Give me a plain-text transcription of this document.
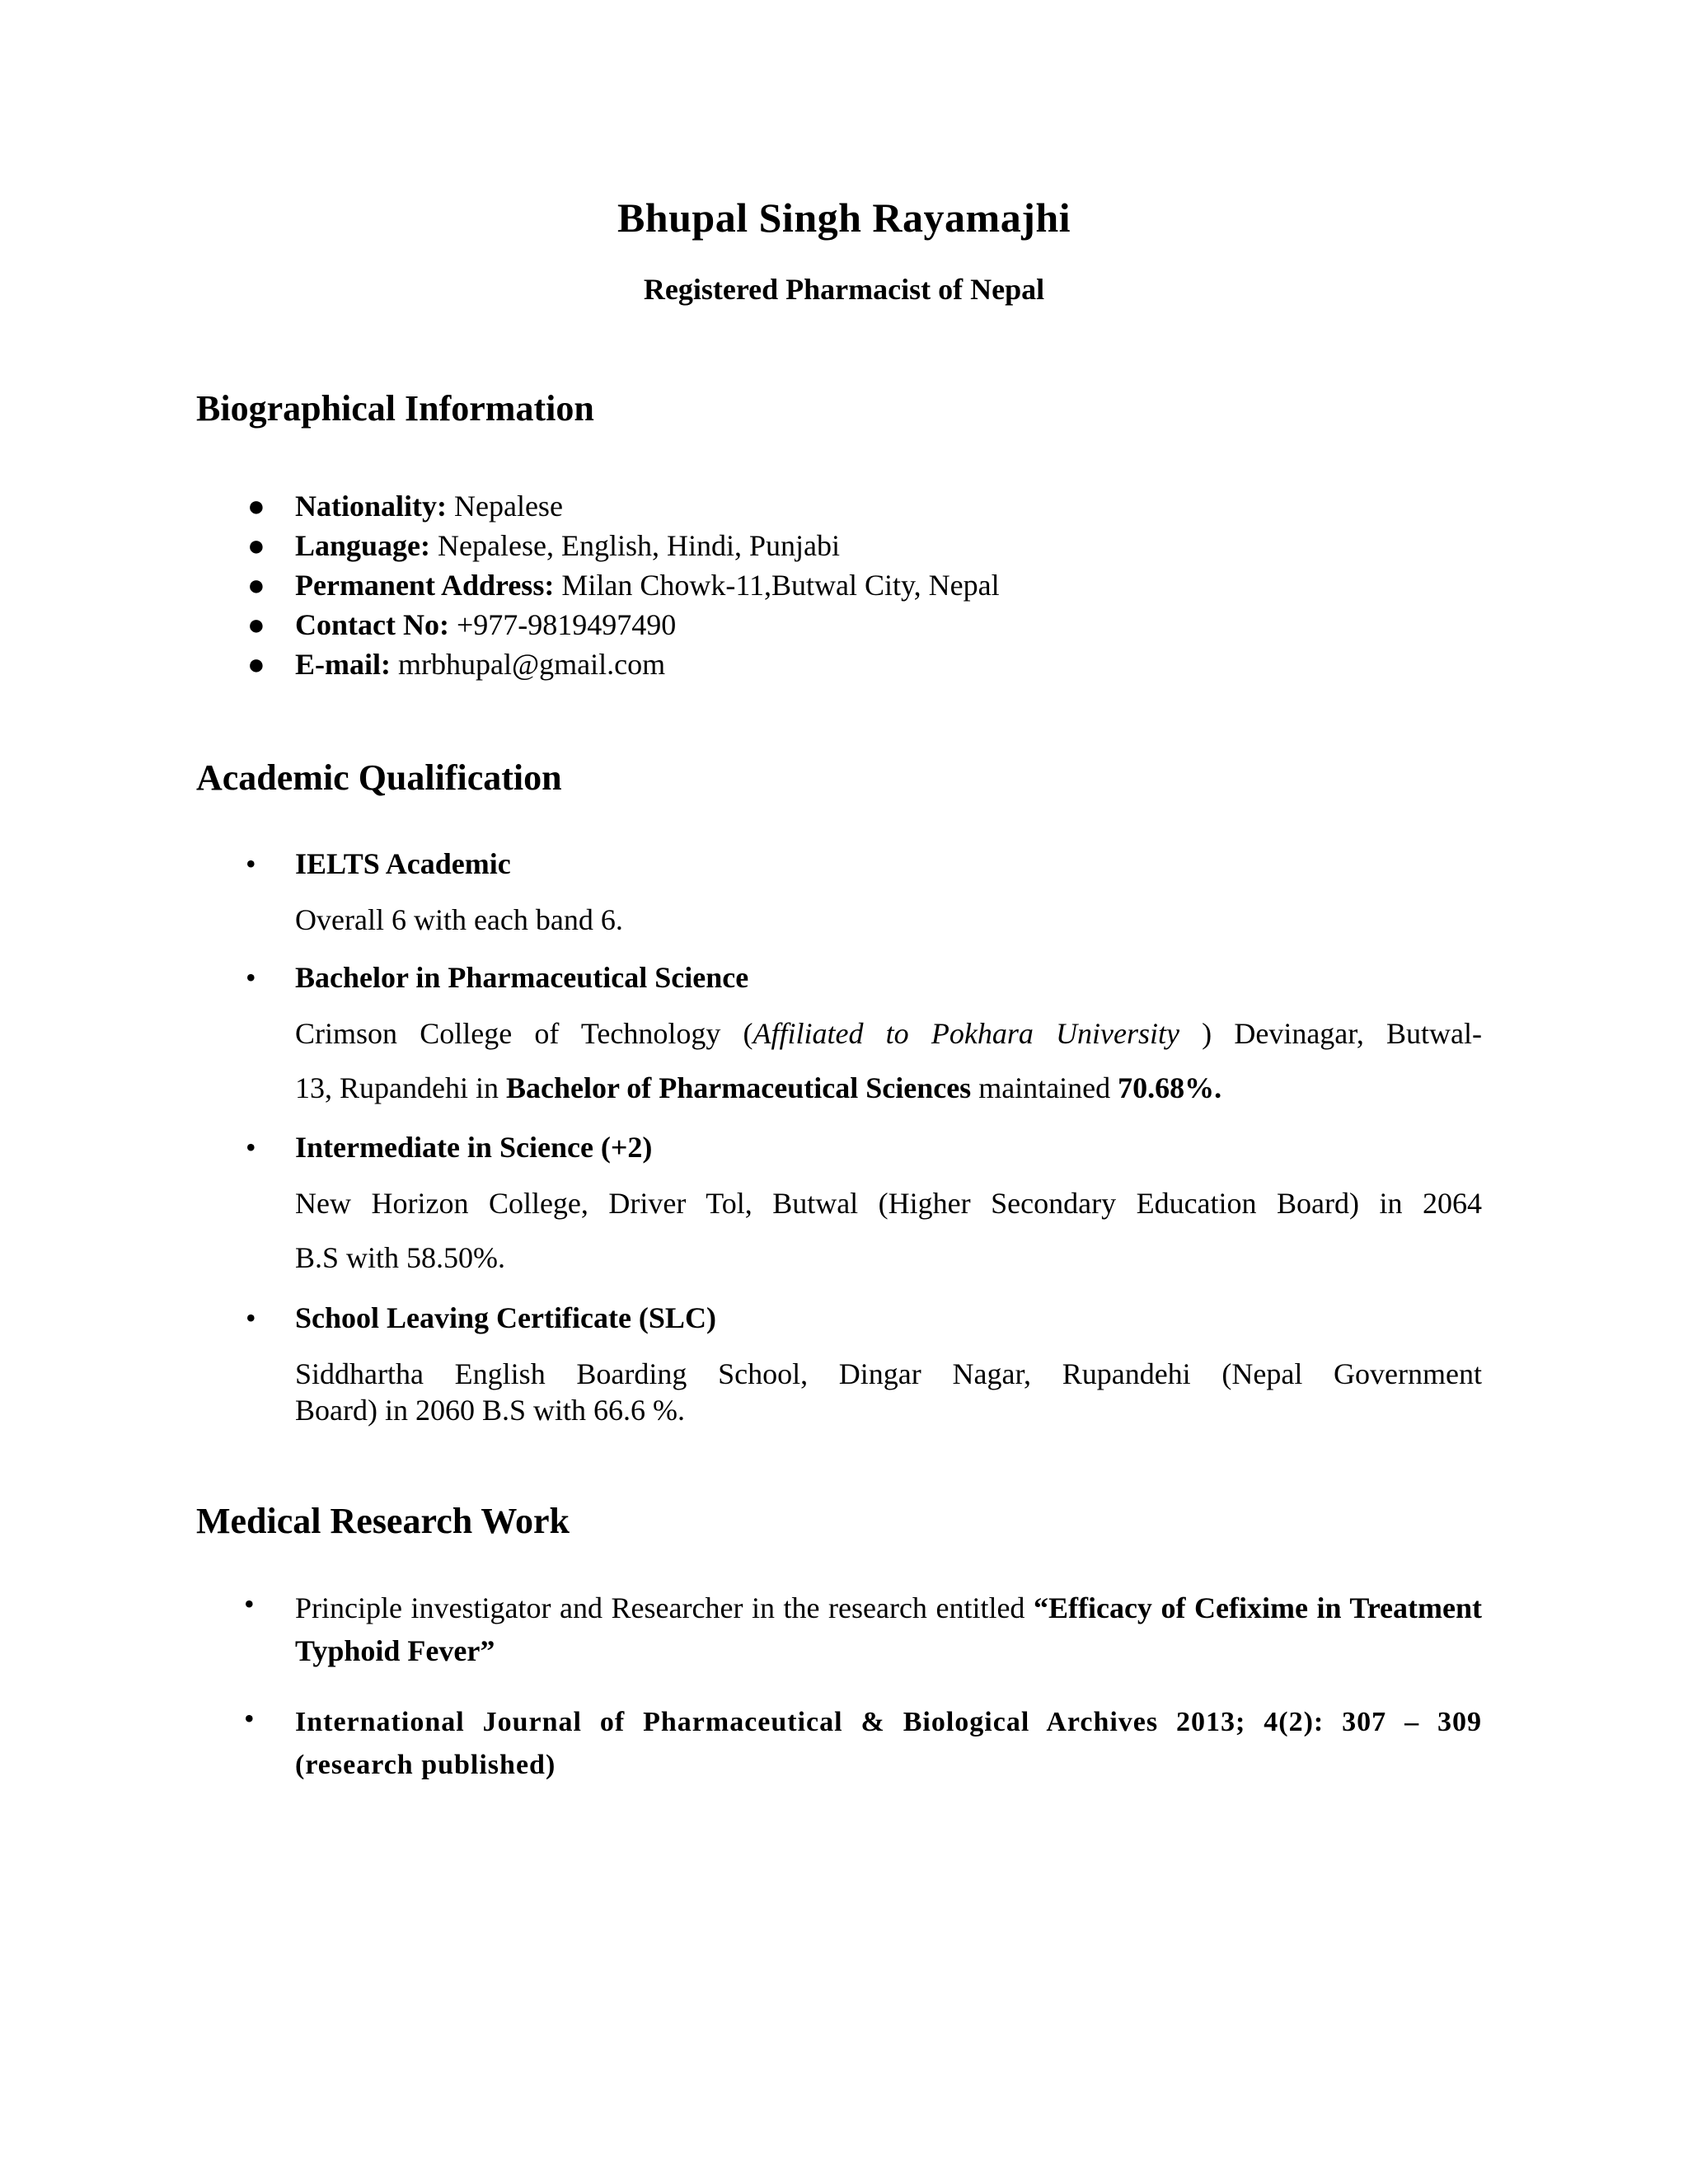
Bhupal Singh Rayamajhi
Registered Pharmacist of Nepal
Biographical Information
● Nationality: Nepalese
● Language: Nepalese, English, Hindi, Punjabi
● Permanent Address: Milan Chowk-11,Butwal City, Nepal
● Contact No: +977-9819497490
● E-mail: mrbhupal@gmail.com
Academic Qualification
• IELTS Academic
Overall 6 with each band 6.
• Bachelor in Pharmaceutical Science
Crimson College of Technology (Affiliated to Pokhara University ) Devinagar, Butwal-
13, Rupandehi in Bachelor of Pharmaceutical Sciences maintained 70.68%.
• Intermediate in Science (+2)
New Horizon College, Driver Tol, Butwal (Higher Secondary Education Board) in 2064
B.S with 58.50%.
• School Leaving Certificate (SLC)
Siddhartha English Boarding School, Dingar Nagar, Rupandehi (Nepal Government
Board) in 2060 B.S with 66.6 %.
Medical Research Work
• Principle investigator and Researcher in the research entitled “Efficacy of Cefixime in Treatment Typhoid Fever”
• International Journal of Pharmaceutical & Biological Archives 2013; 4(2): 307 – 309 (research published)
